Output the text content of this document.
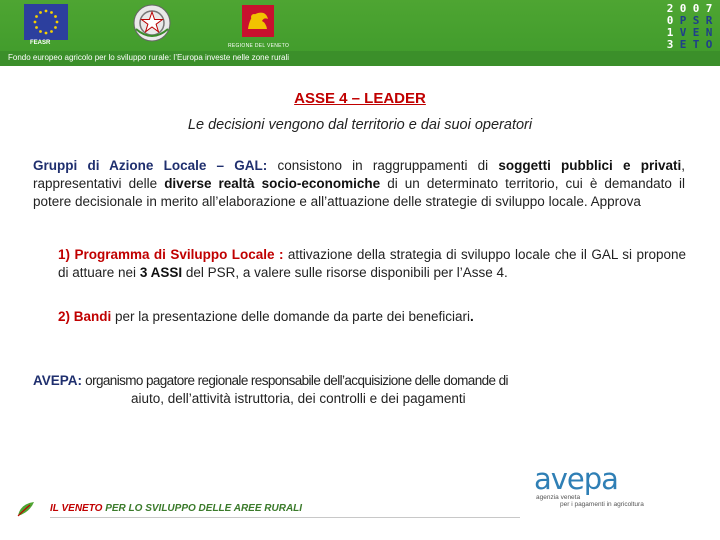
FEASR	REGIONE DEL VENETO
Fondo europeo agricolo per lo sviluppo rurale: l’Europa investe nelle zone rurali
2 0 0 7
0 P S R
1 V E N
3 E T O
ASSE 4 – LEADER
Le decisioni vengono dal territorio e dai suoi operatori
Gruppi di Azione Locale – GAL: consistono in raggruppamenti di soggetti pubblici e privati, rappresentativi delle diverse realtà socio-economiche di un determinato territorio, cui è demandato il potere decisionale in merito all’elaborazione e all’attuazione delle strategie di sviluppo locale. Approva
1) Programma di Sviluppo Locale : attivazione della strategia di sviluppo locale che il GAL si propone di attuare nei 3 ASSI del PSR, a valere sulle risorse disponibili per l’Asse 4.
2) Bandi per la presentazione delle domande da parte dei beneficiari.
AVEPA: organismo pagatore regionale responsabile dell’acquisizione delle domande di
aiuto, dell’attività istruttoria, dei controlli e dei pagamenti
avepa
agenzia veneta
per i pagamenti in agricoltura
IL VENETO PER LO SVILUPPO DELLE AREE RURALI
